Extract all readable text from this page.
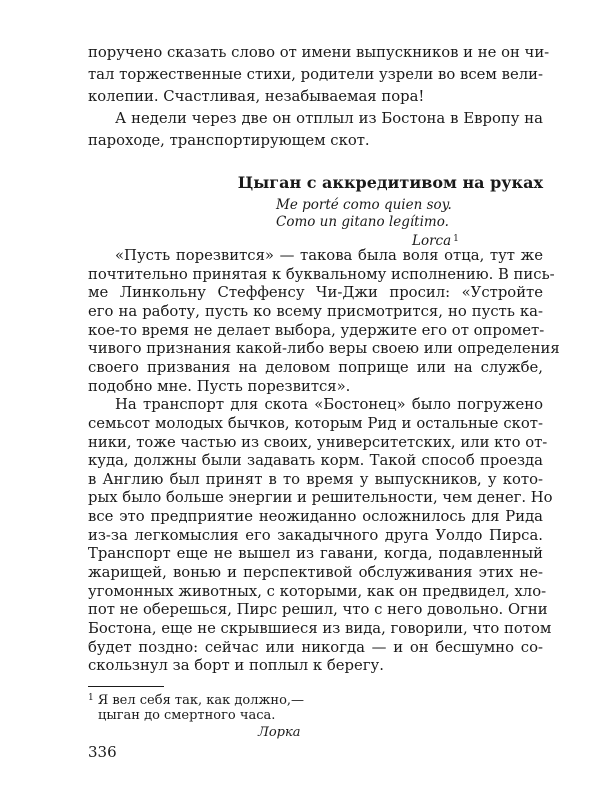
поручено сказать слово от имени выпускников и не он чи-
тал торжественные стихи, родители узрели во всем вели-
колепии. Счастливая, незабываемая пора!
А недели через две он отплыл из Бостона в Европу на
пароходе, транспортирующем скот.
Цыган с аккредитивом на руках
Me porté como quien soy.
Como un gitano legítimo.
Lorca $^1$
«Пусть порезвится» — такова была воля отца, тут же
почтительно принятая к буквальному исполнению. В пись-
ме Линкольну Стеффенсу Чи-Джи просил: «Устройте
его на работу, пусть ко всему присмотрится, но пусть ка-
кое-то время не делает выбора, удержите его от опромет-
чивого признания какой-либо веры своею или определения
своего призвания на деловом поприще или на службе,
подобно мне. Пусть порезвится».
На транспорт для скота «Бостонец» было погружено
семьсот молодых бычков, которым Рид и остальные скот-
ники, тоже частью из своих, университетских, или кто от-
куда, должны были задавать корм. Такой способ проезда
в Англию был принят в то время у выпускников, у кото-
рых было больше энергии и решительности, чем денег. Но
все это предприятие неожиданно осложнилось для Рида
из-за легкомыслия его закадычного друга Уолдо Пирса.
Транспорт еще не вышел из гавани, когда, подавленный
жарищей, вонью и перспективой обслуживания этих не-
угомонных животных, с которыми, как он предвидел, хло-
пот не оберешься, Пирс решил, что с него довольно. Огни
Бостона, еще не скрывшиеся из вида, говорили, что потом
будет поздно: сейчас или никогда — и он бесшумно со-
скользнул за борт и поплыл к берегу.
$^1$ Я вел себя так, как должно,—
цыган до смертного часа.
Лорка
336
